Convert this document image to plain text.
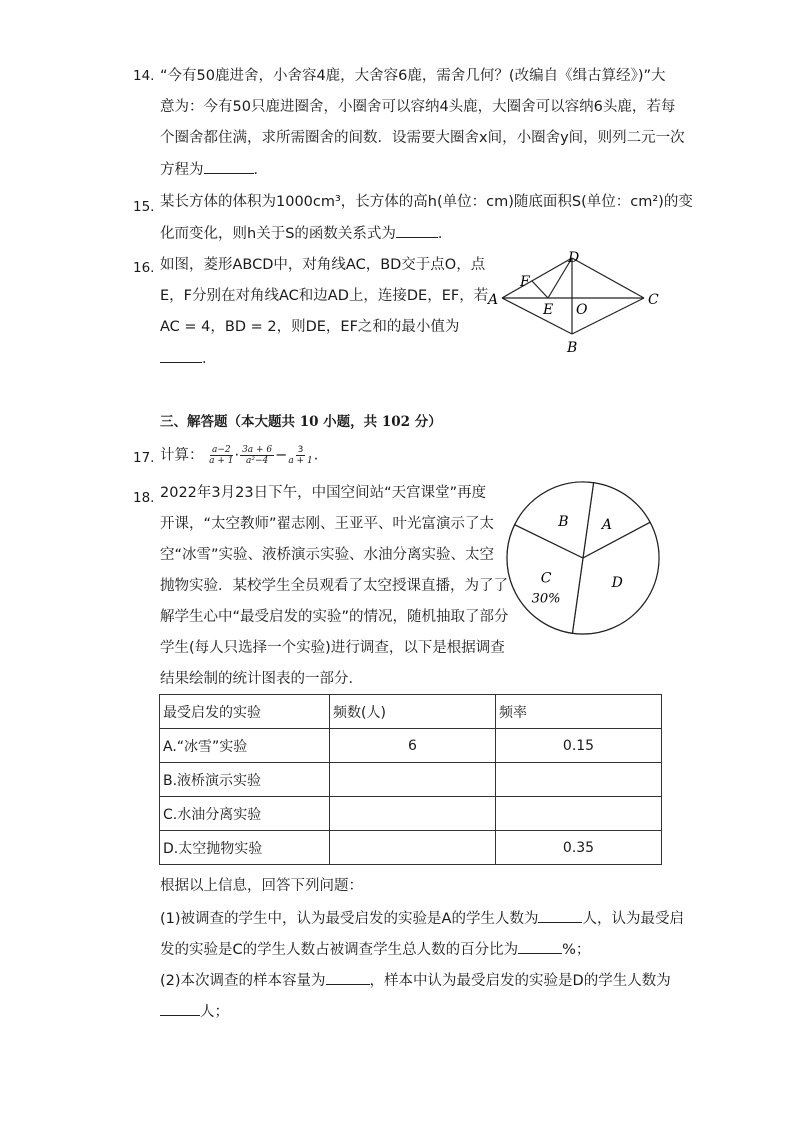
14. “今有50鹿进舍，小舍容4鹿，大舍容6鹿，需舍几何？(改编自《缉古算经》)”大
意为：今有50只鹿进圈舍，小圈舍可以容纳4头鹿，大圈舍可以容纳6头鹿，若每
个圈舍都住满，求所需圈舍的间数．设需要大圈舍x间，小圈舍y间，则列二元一次
方程为	．
15. 某长方体的体积为1000cm³，长方体的高h(单位：cm)随底面积S(单位：cm²)的变
化而变化，则h关于S的函数关系式为	．
16. 如图，菱形ABCD中，对角线AC，BD交于点O，点
E，F分别在对角线AC和边AD上，连接DE，EF，若
AC = 4，BD = 2，则DE，EF之和的最小值为
．
A
B
C
D
E
F
O
三、解答题（本大题共 10 小题，共 102 分）
17. 计算： $\frac{a-2}{a + 1} \cdot \frac{3a + 6}{\text{a²−4}} - \frac{3}{a + 1}$ .
18. 2022年3月23日下午，中国空间站“天宫课堂”再度
开课，“太空教师”翟志刚、王亚平、叶光富演示了太
空“冰雪”实验、液桥演示实验、水油分离实验、太空
抛物实验．某校学生全员观看了太空授课直播，为了了
解学生心中“最受启发的实验”的情况，随机抽取了部分
学生(每人只选择一个实验)进行调查，以下是根据调查
结果绘制的统计图表的一部分．
A
D
C
30%
B
最受启发的实验	频数(人)	频率
A.“冰雪”实验	6	0.15
B.液桥演示实验		
C.水油分离实验		
D.太空抛物实验		0.35
根据以上信息，回答下列问题：
(1)被调查的学生中，认为最受启发的实验是A的学生人数为	人，认为最受启
发的实验是C的学生人数占被调查学生总人数的百分比为	%；
(2)本次调查的样本容量为	，样本中认为最受启发的实验是D的学生人数为
人；
